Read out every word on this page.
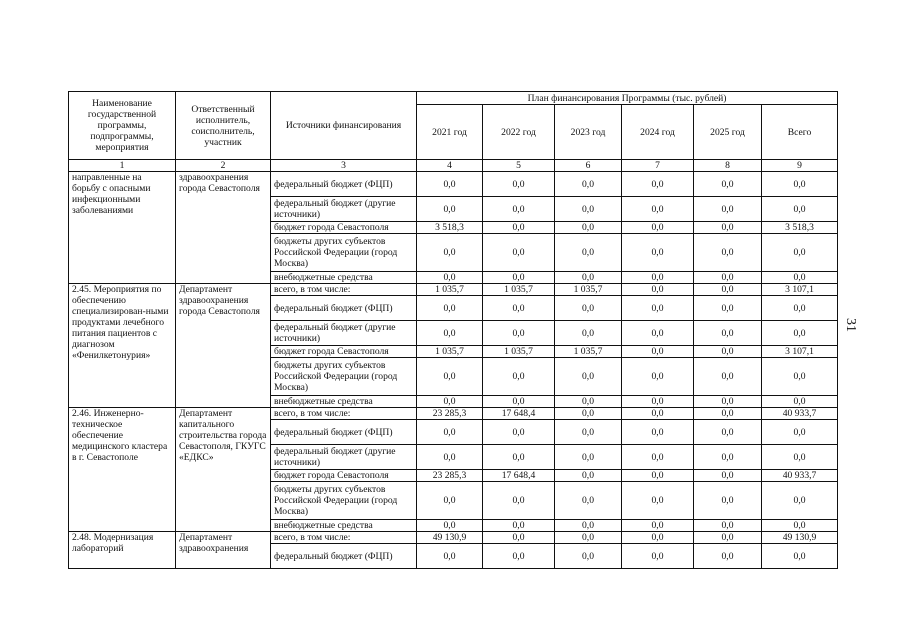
31
Наименование государственной программы, подпрограммы, мероприятия	Ответственный исполнитель, соисполнитель, участник	Источники финансирования	План финансирования Программы (тыс. рублей)					
			2021 год	2022 год	2023 год	2024 год	2025 год	Всего
1	2	3	4	5	6	7	8	9
направленные на борьбу с опасными инфекционными заболеваниями	здравоохранения города Севастополя	федеральный бюджет (ФЦП)	0,0	0,0	0,0	0,0	0,0	0,0
		федеральный бюджет (другие источники)	0,0	0,0	0,0	0,0	0,0	0,0
		бюджет города Севастополя	3 518,3	0,0	0,0	0,0	0,0	3 518,3
		бюджеты других субъектов Российской Федерации (город Москва)	0,0	0,0	0,0	0,0	0,0	0,0
		внебюджетные средства	0,0	0,0	0,0	0,0	0,0	0,0
2.45. Мероприятия по обеспечению специализирован-ными продуктами лечебного питания пациентов с диагнозом «Фенилкетонурия»	Департамент здравоохранения города Севастополя	всего, в том числе:	1 035,7	1 035,7	1 035,7	0,0	0,0	3 107,1
		федеральный бюджет (ФЦП)	0,0	0,0	0,0	0,0	0,0	0,0
		федеральный бюджет (другие источники)	0,0	0,0	0,0	0,0	0,0	0,0
		бюджет города Севастополя	1 035,7	1 035,7	1 035,7	0,0	0,0	3 107,1
		бюджеты других субъектов Российской Федерации (город Москва)	0,0	0,0	0,0	0,0	0,0	0,0
		внебюджетные средства	0,0	0,0	0,0	0,0	0,0	0,0
2.46. Инженерно-техническое обеспечение медицинского кластера в г. Севастополе	Департамент капитального строительства города Севастополя, ГКУГС «ЕДКС»	всего, в том числе:	23 285,3	17 648,4	0,0	0,0	0,0	40 933,7
		федеральный бюджет (ФЦП)	0,0	0,0	0,0	0,0	0,0	0,0
		федеральный бюджет (другие источники)	0,0	0,0	0,0	0,0	0,0	0,0
		бюджет города Севастополя	23 285,3	17 648,4	0,0	0,0	0,0	40 933,7
		бюджеты других субъектов Российской Федерации (город Москва)	0,0	0,0	0,0	0,0	0,0	0,0
		внебюджетные средства	0,0	0,0	0,0	0,0	0,0	0,0
2.48. Модернизация лабораторий	Департамент здравоохранения	всего, в том числе:	49 130,9	0,0	0,0	0,0	0,0	49 130,9
		федеральный бюджет (ФЦП)	0,0	0,0	0,0	0,0	0,0	0,0
